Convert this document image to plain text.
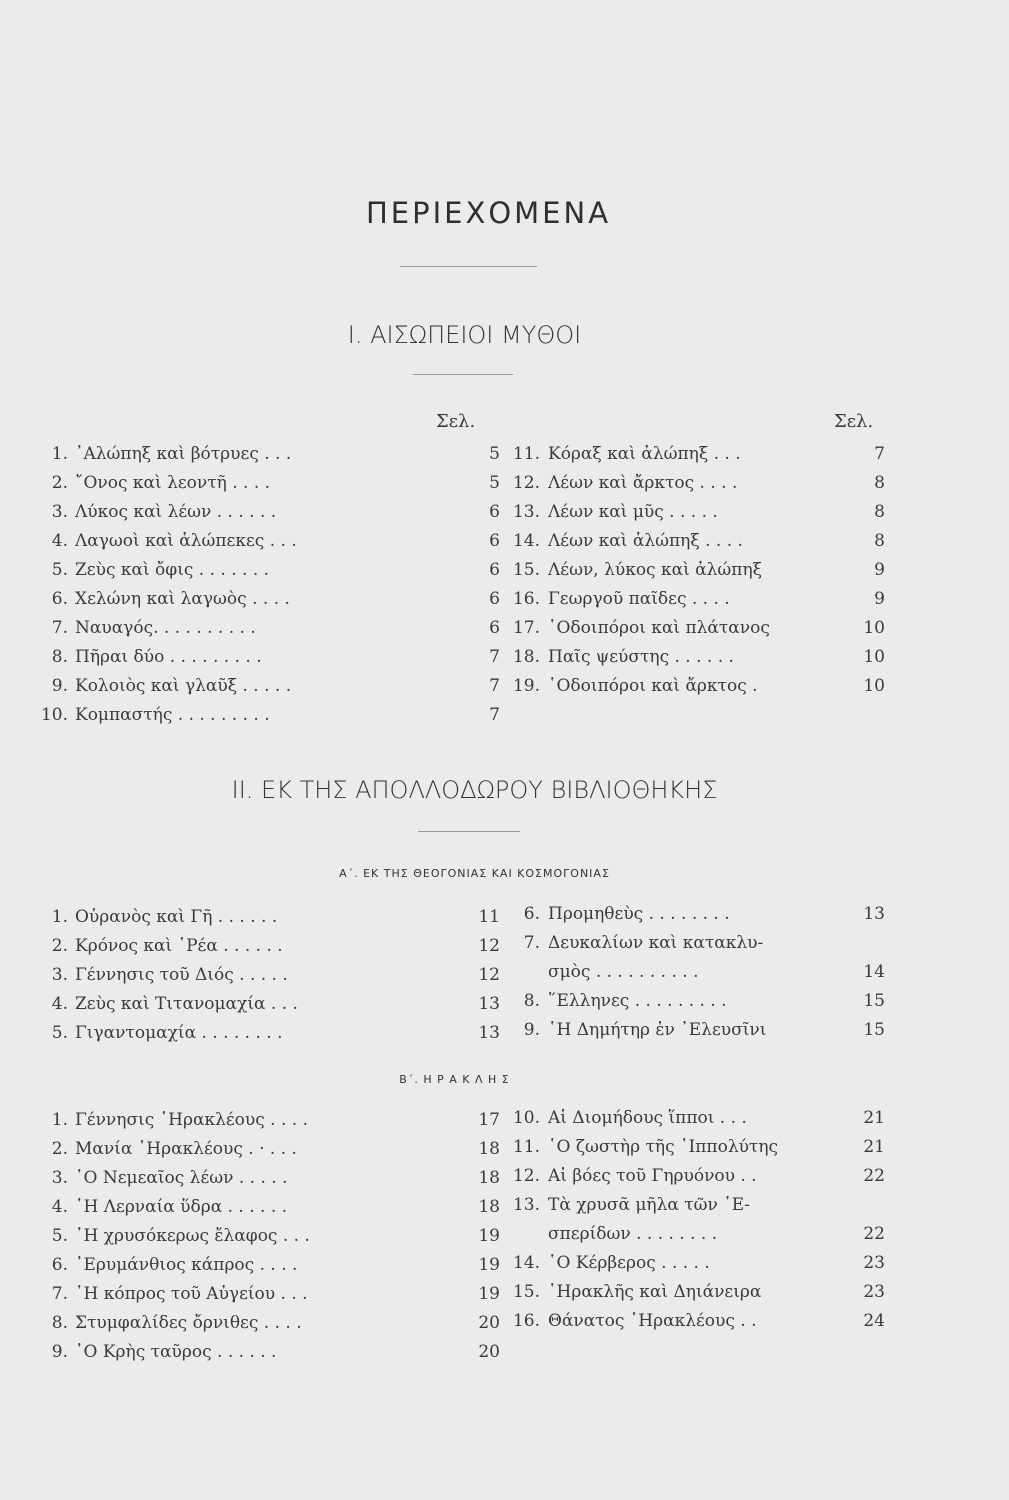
ΠΕΡΙΕΧΟΜΕΝΑ
I. ΑΙΣΩΠΕΙΟΙ ΜΥΘΟΙ
Σελ.	Σελ.
1. ᾿Αλώπηξ καὶ βότρυες . . .	5
2. ῎Ονος καὶ λεοντῆ . . . .	5
3. Λύκος καὶ λέων . . . . . .	6
4. Λαγωοὶ καὶ ἀλώπεκες . . .	6
5. Ζεὺς καὶ ὄφις . . . . . . .	6
6. Χελώνη καὶ λαγωὸς . . . .	6
7. Ναυαγός. . . . . . . . . .	6
8. Πῆραι δύο . . . . . . . . .	7
9. Κολοιὸς καὶ γλαῦξ . . . . .	7
10. Κομπαστής . . . . . . . . .	7
11. Κόραξ καὶ ἀλώπηξ . . .	7
12. Λέων καὶ ἄρκτος . . . .	8
13. Λέων καὶ μῦς . . . . .	8
14. Λέων καὶ ἀλώπηξ . . . .	8
15. Λέων, λύκος καὶ ἀλώπηξ	9
16. Γεωργοῦ παῖδες . . . .	9
17. ῾Οδοιπόροι καὶ πλάτανος	10
18. Παῖς ψεύστης . . . . . .	10
19. ῾Οδοιπόροι καὶ ἄρκτος .	10
II. ΕΚ ΤΗΣ ΑΠΟΛΛΟΔΩΡΟΥ ΒΙΒΛΙΟΘΗΚΗΣ
Α΄. ΕΚ ΤΗΣ ΘΕΟΓΟΝΙΑΣ ΚΑΙ ΚΟΣΜΟΓΟΝΙΑΣ
1. Οὐρανὸς καὶ Γῆ . . . . . .	11
2. Κρόνος καὶ ῾Ρέα . . . . . .	12
3. Γέννησις τοῦ Διός . . . . .	12
4. Ζεὺς καὶ Τιτανομαχία . . .	13
5. Γιγαντομαχία . . . . . . . .	13
6. Προμηθεὺς . . . . . . . .	13
7. Δευκαλίων καὶ κατακλυ-
σμὸς . . . . . . . . . .	14
8. ῞Ελληνες . . . . . . . . .	15
9. ῾Η Δημήτηρ ἐν ᾿Ελευσῖνι	15
Β΄. Η Ρ Α Κ Λ Η Σ
1. Γέννησις ῾Ηρακλέους . . . .	17
2. Μανία ῾Ηρακλέους . · . . .	18
3. ῾Ο Νεμεαῖος λέων . . . . .	18
4. ῾Η Λερναία ὕδρα . . . . . .	18
5. ῾Η χρυσόκερως ἔλαφος . . .	19
6. ᾿Ερυμάνθιος κάπρος . . . .	19
7. ῾Η κόπρος τοῦ Αὐγείου . . .	19
8. Στυμφαλίδες ὄρνιθες . . . .	20
9. ῾Ο Κρὴς ταῦρος . . . . . .	20
10. Αἱ Διομήδους ἵπποι . . .	21
11. ῾Ο ζωστὴρ τῆς ῾Ιππολύτης	21
12. Αἱ βόες τοῦ Γηρυόνου . .	22
13. Τὰ χρυσᾶ μῆλα τῶν ῾Ε-
σπερίδων . . . . . . . .	22
14. ῾Ο Κέρβερος . . . . .	23
15. ῾Ηρακλῆς καὶ Δηιάνειρα	23
16. Θάνατος ῾Ηρακλέους . .	24
